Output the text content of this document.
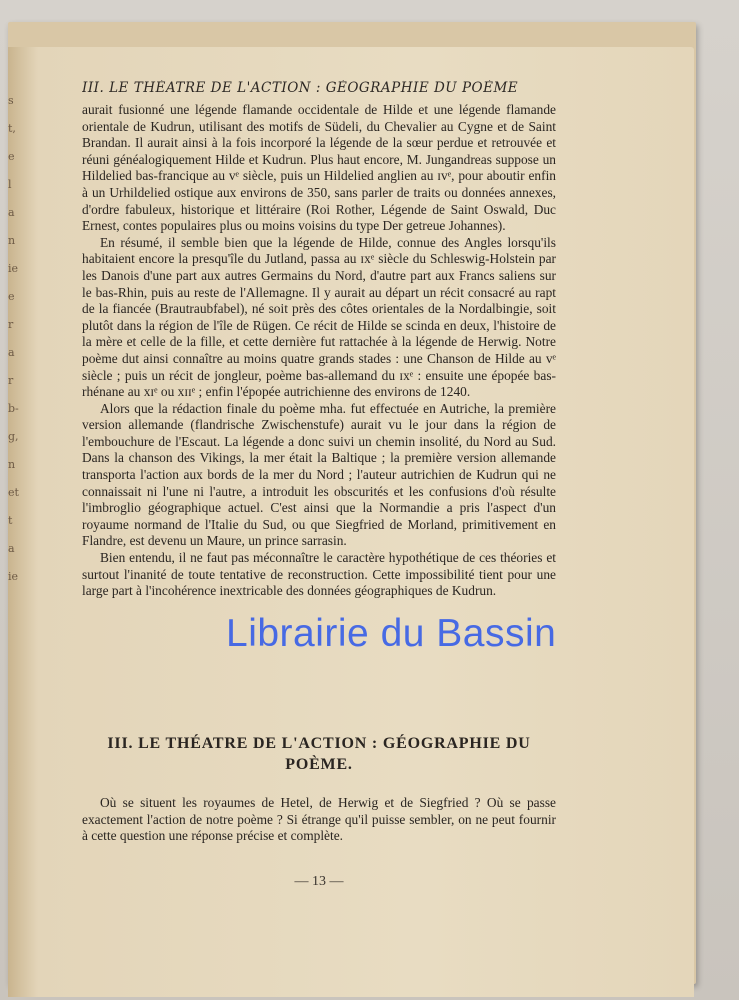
s
t,
e
l
a
n
ie
e
r
a
r
b-
g,
n
et
t
a
ie
III. LE THÉATRE DE L'ACTION : GÉOGRAPHIE DU POÈME

aurait fusionné une légende flamande occidentale de Hilde et une légende flamande orientale de Kudrun, utilisant des motifs de Südeli, du Chevalier au Cygne et de Saint Brandan. Il aurait ainsi à la fois incorporé la légende de la sœur perdue et retrouvée et réuni généalogiquement Hilde et Kudrun. Plus haut encore, M. Jungandreas suppose un Hildelied bas-francique au vᵉ siècle, puis un Hildelied anglien au ɪvᵉ, pour aboutir enfin à un Urhildelied ostique aux environs de 350, sans parler de traits ou données annexes, d'ordre fabuleux, historique et littéraire (Roi Rother, Légende de Saint Oswald, Duc Ernest, contes populaires plus ou moins voisins du type Der getreue Johannes).

En résumé, il semble bien que la légende de Hilde, connue des Angles lorsqu'ils habitaient encore la presqu'île du Jutland, passa au ɪxᵉ siècle du Schleswig-Holstein par les Danois d'une part aux autres Germains du Nord, d'autre part aux Francs saliens sur le bas-Rhin, puis au reste de l'Allemagne. Il y aurait au départ un récit consacré au rapt de la fiancée (Brautraubfabel), né soit près des côtes orientales de la Nordalbingie, soit plutôt dans la région de l'île de Rügen. Ce récit de Hilde se scinda en deux, l'histoire de la mère et celle de la fille, et cette dernière fut rattachée à la légende de Herwig. Notre poème dut ainsi connaître au moins quatre grands stades : une Chanson de Hilde au vᵉ siècle ; puis un récit de jongleur, poème bas-allemand du ɪxᵉ : ensuite une épopée bas-rhénane au xɪᵉ ou xɪɪᵉ ; enfin l'épopée autrichienne des environs de 1240.

Alors que la rédaction finale du poème mha. fut effectuée en Autriche, la première version allemande (flandrische Zwischenstufe) aurait vu le jour dans la région de l'embouchure de l'Escaut. La légende a donc suivi un chemin insolité, du Nord au Sud. Dans la chanson des Vikings, la mer était la Baltique ; la première version allemande transporta l'action aux bords de la mer du Nord ; l'auteur autrichien de Kudrun qui ne connaissait ni l'une ni l'autre, a introduit les obscurités et les confusions d'où résulte l'imbroglio géographique actuel. C'est ainsi que la Normandie a pris l'aspect d'un royaume normand de l'Italie du Sud, ou que Siegfried de Morland, primitivement en Flandre, est devenu un Maure, un prince sarrasin.

Bien entendu, il ne faut pas méconnaître le caractère hypothétique de ces théories et surtout l'inanité de toute tentative de reconstruction. Cette impossibilité tient pour une large part à l'incohérence inextricable des données géographiques de Kudrun.

III. LE THÉATRE DE L'ACTION : GÉOGRAPHIE DU POÈME.

Où se situent les royaumes de Hetel, de Herwig et de Siegfried ? Où se passe exactement l'action de notre poème ? Si étrange qu'il puisse sembler, on ne peut fournir à cette question une réponse précise et complète.

— 13 —
Librairie du Bassin
